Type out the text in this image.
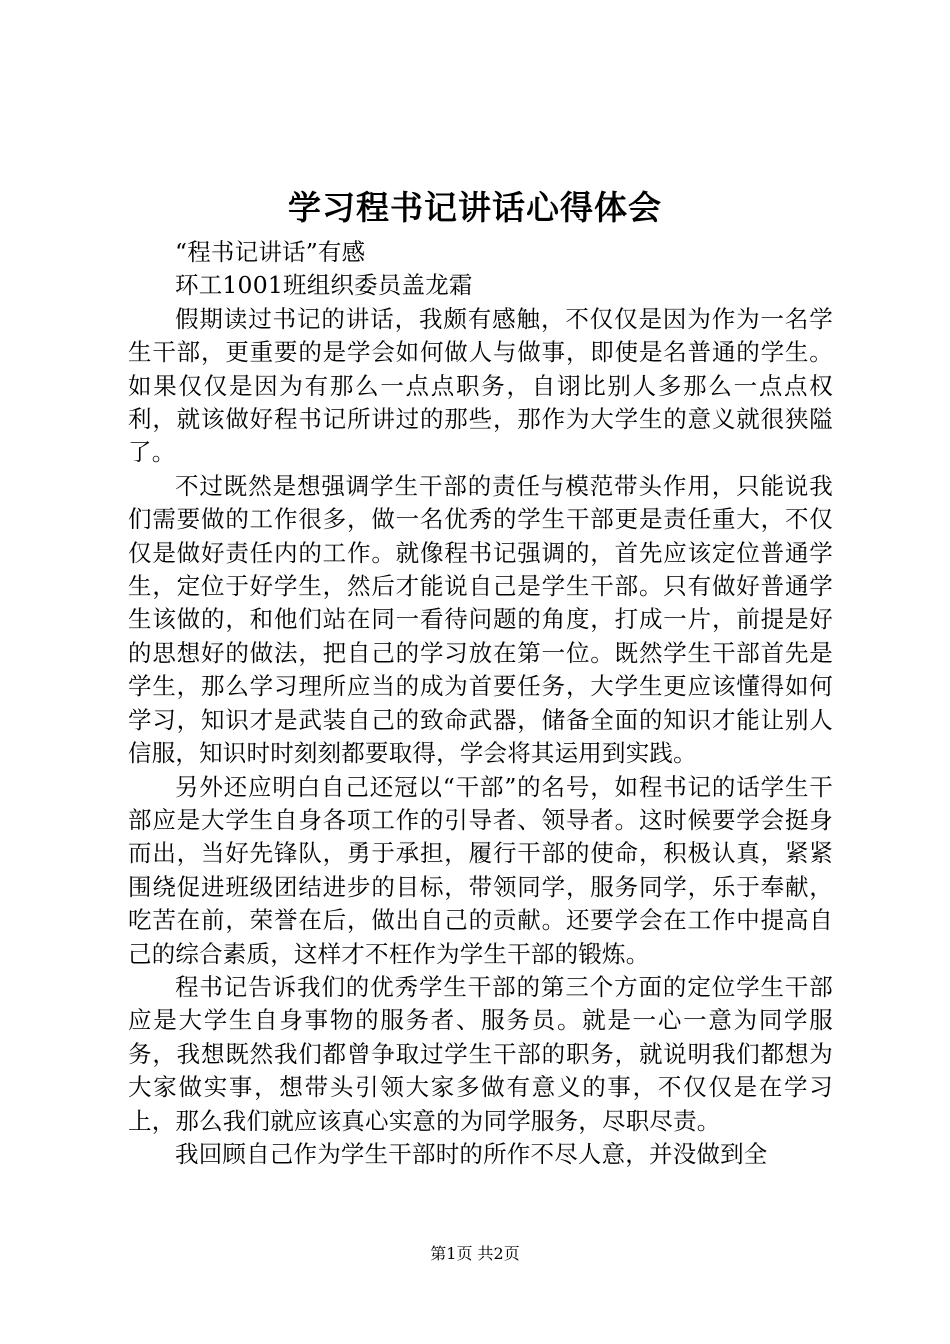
学习程书记讲话心得体会

“程书记讲话”有感

环工1001班组织委员盖龙霜

假期读过书记的讲话，我颇有感触，不仅仅是因为作为一名学生干部，更重要的是学会如何做人与做事，即使是名普通的学生。如果仅仅是因为有那么一点点职务，自诩比别人多那么一点点权利，就该做好程书记所讲过的那些，那作为大学生的意义就很狭隘了。

不过既然是想强调学生干部的责任与模范带头作用，只能说我们需要做的工作很多，做一名优秀的学生干部更是责任重大，不仅仅是做好责任内的工作。就像程书记强调的，首先应该定位普通学生，定位于好学生，然后才能说自己是学生干部。只有做好普通学生该做的，和他们站在同一看待问题的角度，打成一片，前提是好的思想好的做法，把自己的学习放在第一位。既然学生干部首先是学生，那么学习理所应当的成为首要任务，大学生更应该懂得如何学习，知识才是武装自己的致命武器，储备全面的知识才能让别人信服，知识时时刻刻都要取得，学会将其运用到实践。

另外还应明白自己还冠以“干部”的名号，如程书记的话学生干部应是大学生自身各项工作的引导者、领导者。这时候要学会挺身而出，当好先锋队，勇于承担，履行干部的使命，积极认真，紧紧围绕促进班级团结进步的目标，带领同学，服务同学，乐于奉献，吃苦在前，荣誉在后，做出自己的贡献。还要学会在工作中提高自己的综合素质，这样才不枉作为学生干部的锻炼。

程书记告诉我们的优秀学生干部的第三个方面的定位学生干部应是大学生自身事物的服务者、服务员。就是一心一意为同学服务，我想既然我们都曾争取过学生干部的职务，就说明我们都想为大家做实事，想带头引领大家多做有意义的事，不仅仅是在学习上，那么我们就应该真心实意的为同学服务，尽职尽责。

我回顾自己作为学生干部时的所作不尽人意，并没做到全

第1页 共2页
